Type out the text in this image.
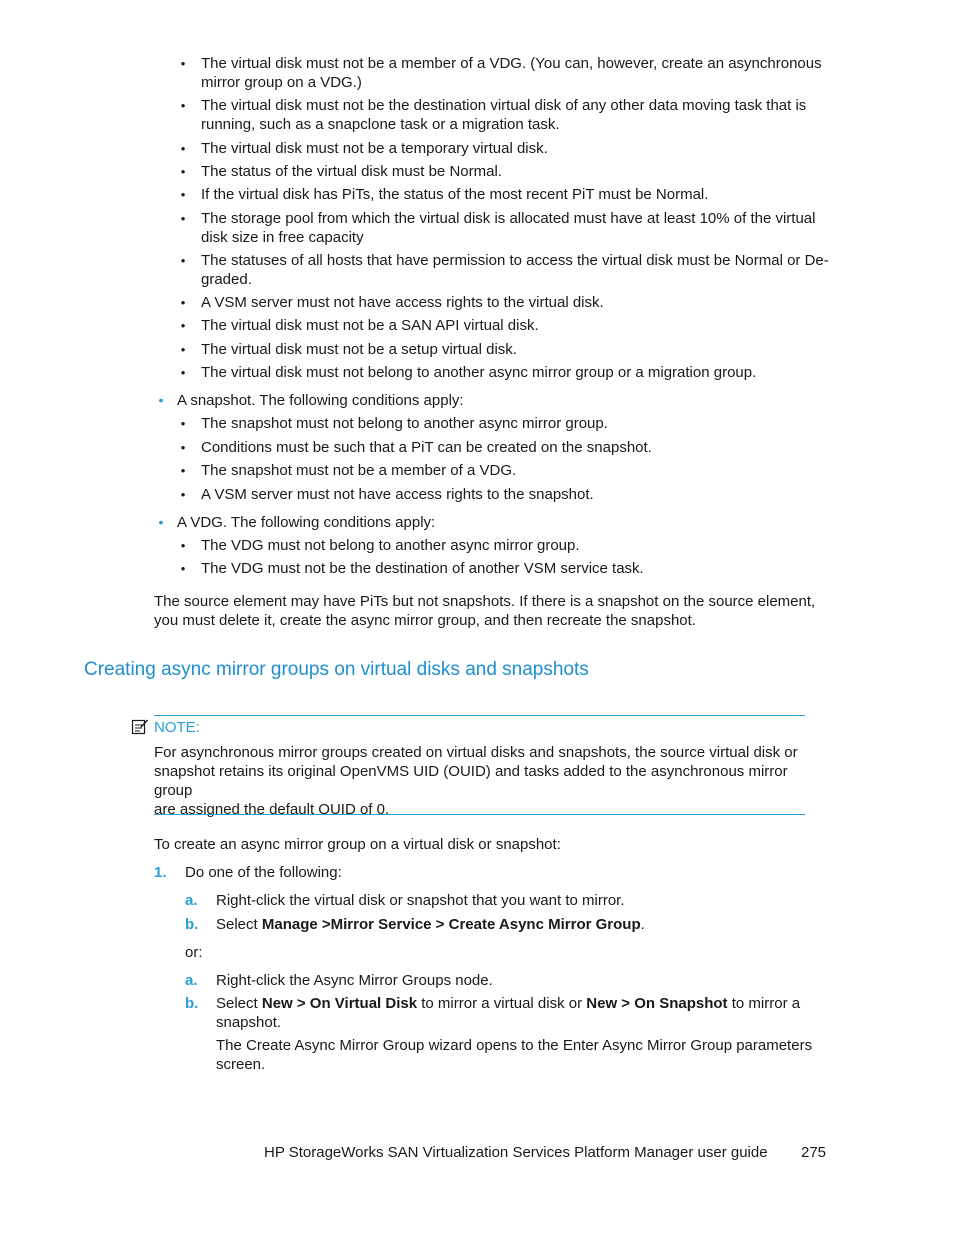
•	The virtual disk must not be a member of a VDG. (You can, however, create an asynchronous
mirror group on a VDG.)
•	The virtual disk must not be the destination virtual disk of any other data moving task that is
running, such as a snapclone task or a migration task.
•	The virtual disk must not be a temporary virtual disk.
•	The status of the virtual disk must be Normal.
•	If the virtual disk has PiTs, the status of the most recent PiT must be Normal.
•	The storage pool from which the virtual disk is allocated must have at least 10% of the virtual
disk size in free capacity
•	The statuses of all hosts that have permission to access the virtual disk must be Normal or De-
graded.
•	A VSM server must not have access rights to the virtual disk.
•	The virtual disk must not be a SAN API virtual disk.
•	The virtual disk must not be a setup virtual disk.
•	The virtual disk must not belong to another async mirror group or a migration group.
• A snapshot. The following conditions apply:
•	The snapshot must not belong to another async mirror group.
•	Conditions must be such that a PiT can be created on the snapshot.
•	The snapshot must not be a member of a VDG.
•	A VSM server must not have access rights to the snapshot.
• A VDG. The following conditions apply:
•	The VDG must not belong to another async mirror group.
•	The VDG must not be the destination of another VSM service task.
The source element may have PiTs but not snapshots. If there is a snapshot on the source element,
you must delete it, create the async mirror group, and then recreate the snapshot.
Creating async mirror groups on virtual disks and snapshots
NOTE:
For asynchronous mirror groups created on virtual disks and snapshots, the source virtual disk or
snapshot retains its original OpenVMS UID (OUID) and tasks added to the asynchronous mirror group
are assigned the default OUID of 0.
To create an async mirror group on a virtual disk or snapshot:
1. Do one of the following:
a. Right-click the virtual disk or snapshot that you want to mirror.
b. Select Manage >Mirror Service > Create Async Mirror Group.
or:
a. Right-click the Async Mirror Groups node.
b. Select New > On Virtual Disk to mirror a virtual disk or New > On Snapshot to mirror a
snapshot.
The Create Async Mirror Group wizard opens to the Enter Async Mirror Group parameters
screen.
HP StorageWorks SAN Virtualization Services Platform Manager user guide 275
